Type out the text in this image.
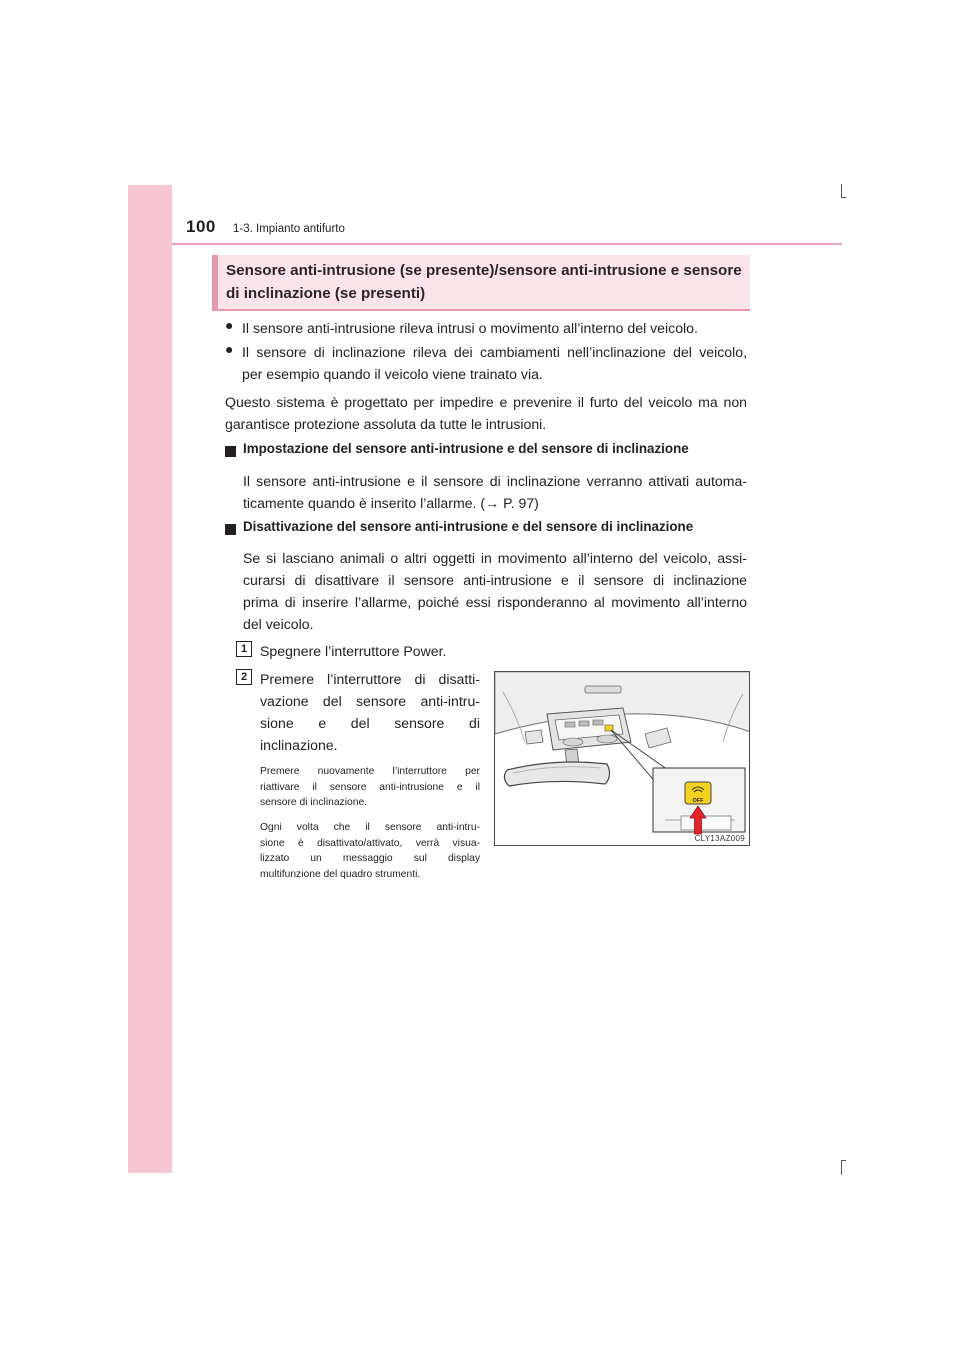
100 1-3. Impianto antifurto
Sensore anti-intrusione (se presente)/sensore anti-intrusione e sensore
di inclinazione (se presenti)
● Il sensore anti-intrusione rileva intrusi o movimento all’interno del veicolo.
● Il sensore di inclinazione rileva dei cambiamenti nell’inclinazione del veicolo,
per esempio quando il veicolo viene trainato via.
Questo sistema è progettato per impedire e prevenire il furto del veicolo ma non
garantisce protezione assoluta da tutte le intrusioni.
Impostazione del sensore anti-intrusione e del sensore di inclinazione
Il sensore anti-intrusione e il sensore di inclinazione verranno attivati automa-
ticamente quando è inserito l’allarme. (→ P. 97)
Disattivazione del sensore anti-intrusione e del sensore di inclinazione
Se si lasciano animali o altri oggetti in movimento all’interno del veicolo, assi-
curarsi di disattivare il sensore anti-intrusione e il sensore di inclinazione
prima di inserire l’allarme, poiché essi risponderanno al movimento all’interno
del veicolo.
1 Spegnere l’interruttore Power.
2 Premere l’interruttore di disatti-
vazione del sensore anti-intru-
sione e del sensore di
inclinazione.
Premere nuovamente l’interruttore per
riattivare il sensore anti-intrusione e il
sensore di inclinazione.
Ogni volta che il sensore anti-intru-
sione è disattivato/attivato, verrà visua-
lizzato un messaggio sul display
multifunzione del quadro strumenti.
OFF
CLY13AZ009
